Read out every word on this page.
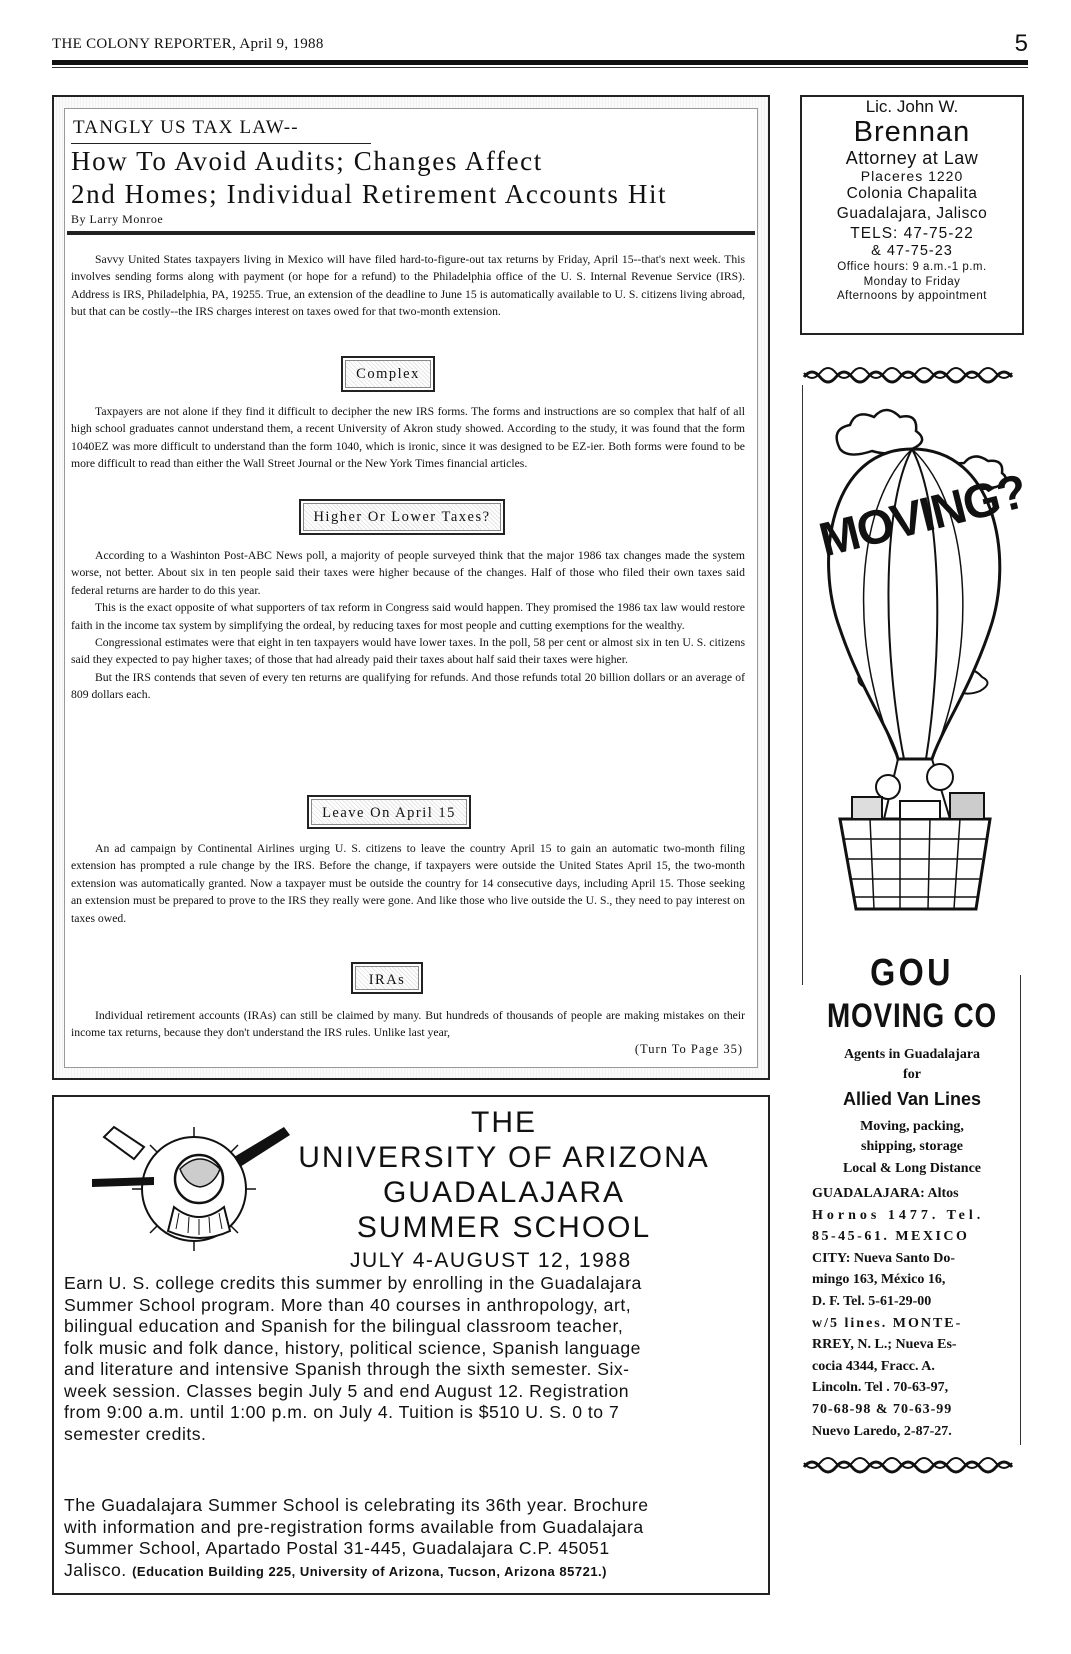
THE COLONY REPORTER, April 9, 1988	5
TANGLY US TAX LAW--
How To Avoid Audits; Changes Affect
2nd Homes; Individual Retirement Accounts Hit
By Larry Monroe

Savvy United States taxpayers living in Mexico will have filed hard-to-figure-out tax returns by Friday, April 15--that's next week. This involves sending forms along with payment (or hope for a refund) to the Philadelphia office of the U. S. Internal Revenue Service (IRS). Address is IRS, Philadelphia, PA, 19255. True, an extension of the deadline to June 15 is automatically available to U. S. citizens living abroad, but that can be costly--the IRS charges interest on taxes owed for that two-month extension.

Complex

Taxpayers are not alone if they find it difficult to decipher the new IRS forms. The forms and instructions are so complex that half of all high school graduates cannot understand them, a recent University of Akron study showed. According to the study, it was found that the form 1040EZ was more difficult to understand than the form 1040, which is ironic, since it was designed to be EZ-ier. Both forms were found to be more difficult to read than either the Wall Street Journal or the New York Times financial articles.

Higher Or Lower Taxes?

According to a Washinton Post-ABC News poll, a majority of people surveyed think that the major 1986 tax changes made the system worse, not better. About six in ten people said their taxes were higher because of the changes. Half of those who filed their own taxes said federal returns are harder to do this year.

This is the exact opposite of what supporters of tax reform in Congress said would happen. They promised the 1986 tax law would restore faith in the income tax system by simplifying the ordeal, by reducing taxes for most people and cutting exemptions for the wealthy.

Congressional estimates were that eight in ten taxpayers would have lower taxes. In the poll, 58 per cent or almost six in ten U. S. citizens said they expected to pay higher taxes; of those that had already paid their taxes about half said their taxes were higher.

But the IRS contends that seven of every ten returns are qualifying for refunds. And those refunds total 20 billion dollars or an average of 809 dollars each.

Leave On April 15

An ad campaign by Continental Airlines urging U. S. citizens to leave the country April 15 to gain an automatic two-month filing extension has prompted a rule change by the IRS. Before the change, if taxpayers were outside the United States April 15, the two-month extension was automatically granted. Now a taxpayer must be outside the country for 14 consecutive days, including April 15. Those seeking an extension must be prepared to prove to the IRS they really were gone. And like those who live outside the U. S., they need to pay interest on taxes owed.

IRAs

Individual retirement accounts (IRAs) can still be claimed by many. But hundreds of thousands of people are making mistakes on their income tax returns, because they don't understand the IRS rules. Unlike last year,

(Turn To Page 35)
Lic. John W.
Brennan
Attorney at Law
Placeres 1220
Colonia Chapalita
Guadalajara, Jalisco
TELS: 47-75-22
& 47-75-23
Office hours: 9 a.m.-1 p.m.
Monday to Friday
Afternoons by appointment
MOVING?
GOU
MOVING CO
Agents in Guadalajara
for
Allied Van Lines
Moving, packing,
shipping, storage
Local & Long Distance
GUADALAJARA: Altos
Hornos 1477. Tel.
85-45-61. MEXICO
CITY: Nueva Santo Do-
mingo 163, México 16,
D. F. Tel. 5-61-29-00
w/5 lines. MONTE-
RREY, N. L.; Nueva Es-
cocia 4344, Fracc. A.
Lincoln. Tel . 70-63-97,
70-68-98 & 70-63-99
Nuevo Laredo, 2-87-27.
THE
UNIVERSITY OF ARIZONA
GUADALAJARA
SUMMER SCHOOL
JULY 4-AUGUST 12, 1988
Earn U. S. college credits this summer by enrolling in the Guadalajara
Summer School program. More than 40 courses in anthropology, art,
bilingual education and Spanish for the bilingual classroom teacher,
folk music and folk dance, history, political science, Spanish language
and literature and intensive Spanish through the sixth semester. Six-
week session. Classes begin July 5 and end August 12. Registration
from 9:00 a.m. until 1:00 p.m. on July 4. Tuition is $510 U. S. 0 to 7
semester credits.
The Guadalajara Summer School is celebrating its 36th year. Brochure
with information and pre-registration forms available from Guadalajara
Summer School, Apartado Postal 31-445, Guadalajara C.P. 45051
Jalisco. (Education Building 225, University of Arizona, Tucson, Arizona 85721.)
